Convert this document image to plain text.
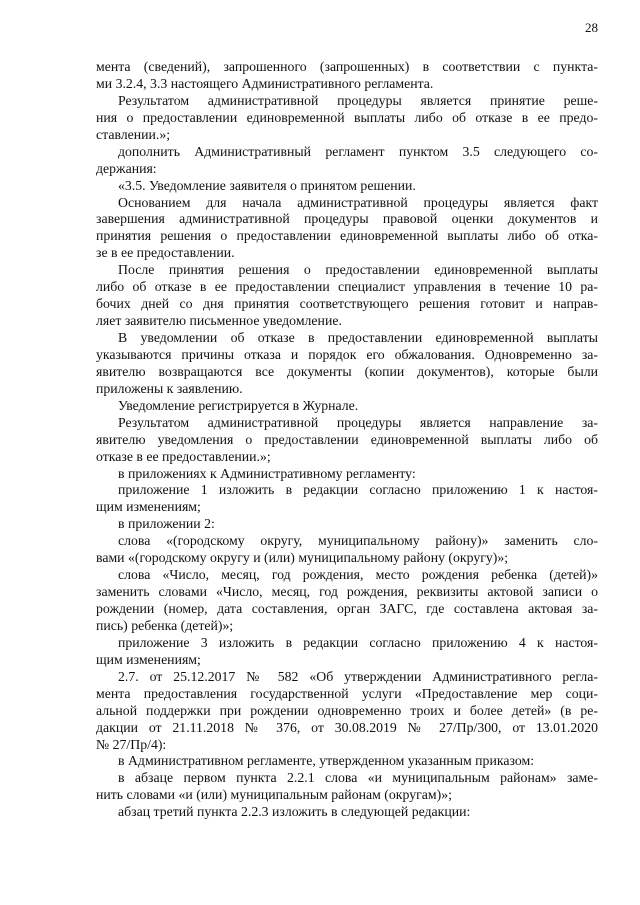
28
мента (сведений), запрошенного (запрошенных) в соответствии с пункта-
ми 3.2.4, 3.3 настоящего Административного регламента.
Результатом административной процедуры является принятие реше-
ния о предоставлении единовременной выплаты либо об отказе в ее предо-
ставлении.»;
дополнить Административный регламент пунктом 3.5 следующего со-
держания:
«3.5. Уведомление заявителя о принятом решении.
Основанием для начала административной процедуры является факт
завершения административной процедуры правовой оценки документов и
принятия решения о предоставлении единовременной выплаты либо об отка-
зе в ее предоставлении.
После принятия решения о предоставлении единовременной выплаты
либо об отказе в ее предоставлении специалист управления в течение 10 ра-
бочих дней со дня принятия соответствующего решения готовит и направ-
ляет заявителю письменное уведомление.
В уведомлении об отказе в предоставлении единовременной выплаты
указываются причины отказа и порядок его обжалования. Одновременно за-
явителю возвращаются все документы (копии документов), которые были
приложены к заявлению.
Уведомление регистрируется в Журнале.
Результатом административной процедуры является направление за-
явителю уведомления о предоставлении единовременной выплаты либо об
отказе в ее предоставлении.»;
в приложениях к Административному регламенту:
приложение 1 изложить в редакции согласно приложению 1 к настоя-
щим изменениям;
в приложении 2:
слова «(городскому округу, муниципальному району)» заменить сло-
вами «(городскому округу и (или) муниципальному району (округу)»;
слова «Число, месяц, год рождения, место рождения ребенка (детей)»
заменить словами «Число, месяц, год рождения, реквизиты актовой записи о
рождении (номер, дата составления, орган ЗАГС, где составлена актовая за-
пись) ребенка (детей)»;
приложение 3 изложить в редакции согласно приложению 4 к настоя-
щим изменениям;
2.7. от 25.12.2017 № 582 «Об утверждении Административного регла-
мента предоставления государственной услуги «Предоставление мер соци-
альной поддержки при рождении одновременно троих и более детей» (в ре-
дакции от 21.11.2018 № 376, от 30.08.2019 № 27/Пр/300, от 13.01.2020
№ 27/Пр/4):
в Административном регламенте, утвержденном указанным приказом:
в абзаце первом пункта 2.2.1 слова «и муниципальным районам» заме-
нить словами «и (или) муниципальным районам (округам)»;
абзац третий пункта 2.2.3 изложить в следующей редакции:
